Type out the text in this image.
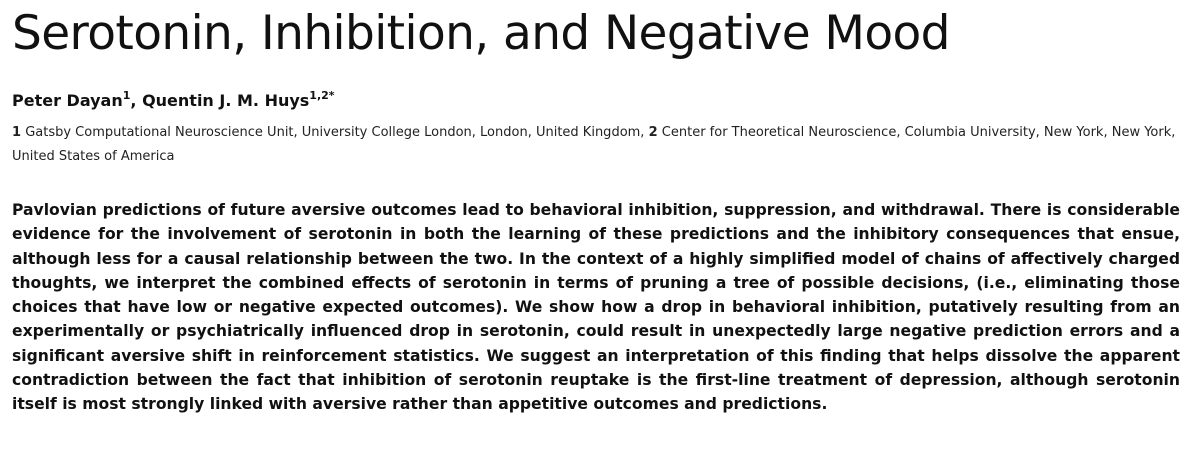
Serotonin, Inhibition, and Negative Mood
Peter Dayan$^1$, Quentin J. M. Huys$^{1,2*}$
1 Gatsby Computational Neuroscience Unit, University College London, London, United Kingdom, 2 Center for Theoretical Neuroscience, Columbia University, New York, New York, United States of America

Pavlovian predictions of future aversive outcomes lead to behavioral inhibition, suppression, and withdrawal. There is considerable evidence for the involvement of serotonin in both the learning of these predictions and the inhibitory consequences that ensue, although less for a causal relationship between the two. In the context of a highly simplified model of chains of affectively charged thoughts, we interpret the combined effects of serotonin in terms of pruning a tree of possible decisions, (i.e., eliminating those choices that have low or negative expected outcomes). We show how a drop in behavioral inhibition, putatively resulting from an experimentally or psychiatrically influenced drop in serotonin, could result in unexpectedly large negative prediction errors and a significant aversive shift in reinforcement statistics. We suggest an interpretation of this finding that helps dissolve the apparent contradiction between the fact that inhibition of serotonin reuptake is the first-line treatment of depression, although serotonin itself is most strongly linked with aversive rather than appetitive outcomes and predictions.
